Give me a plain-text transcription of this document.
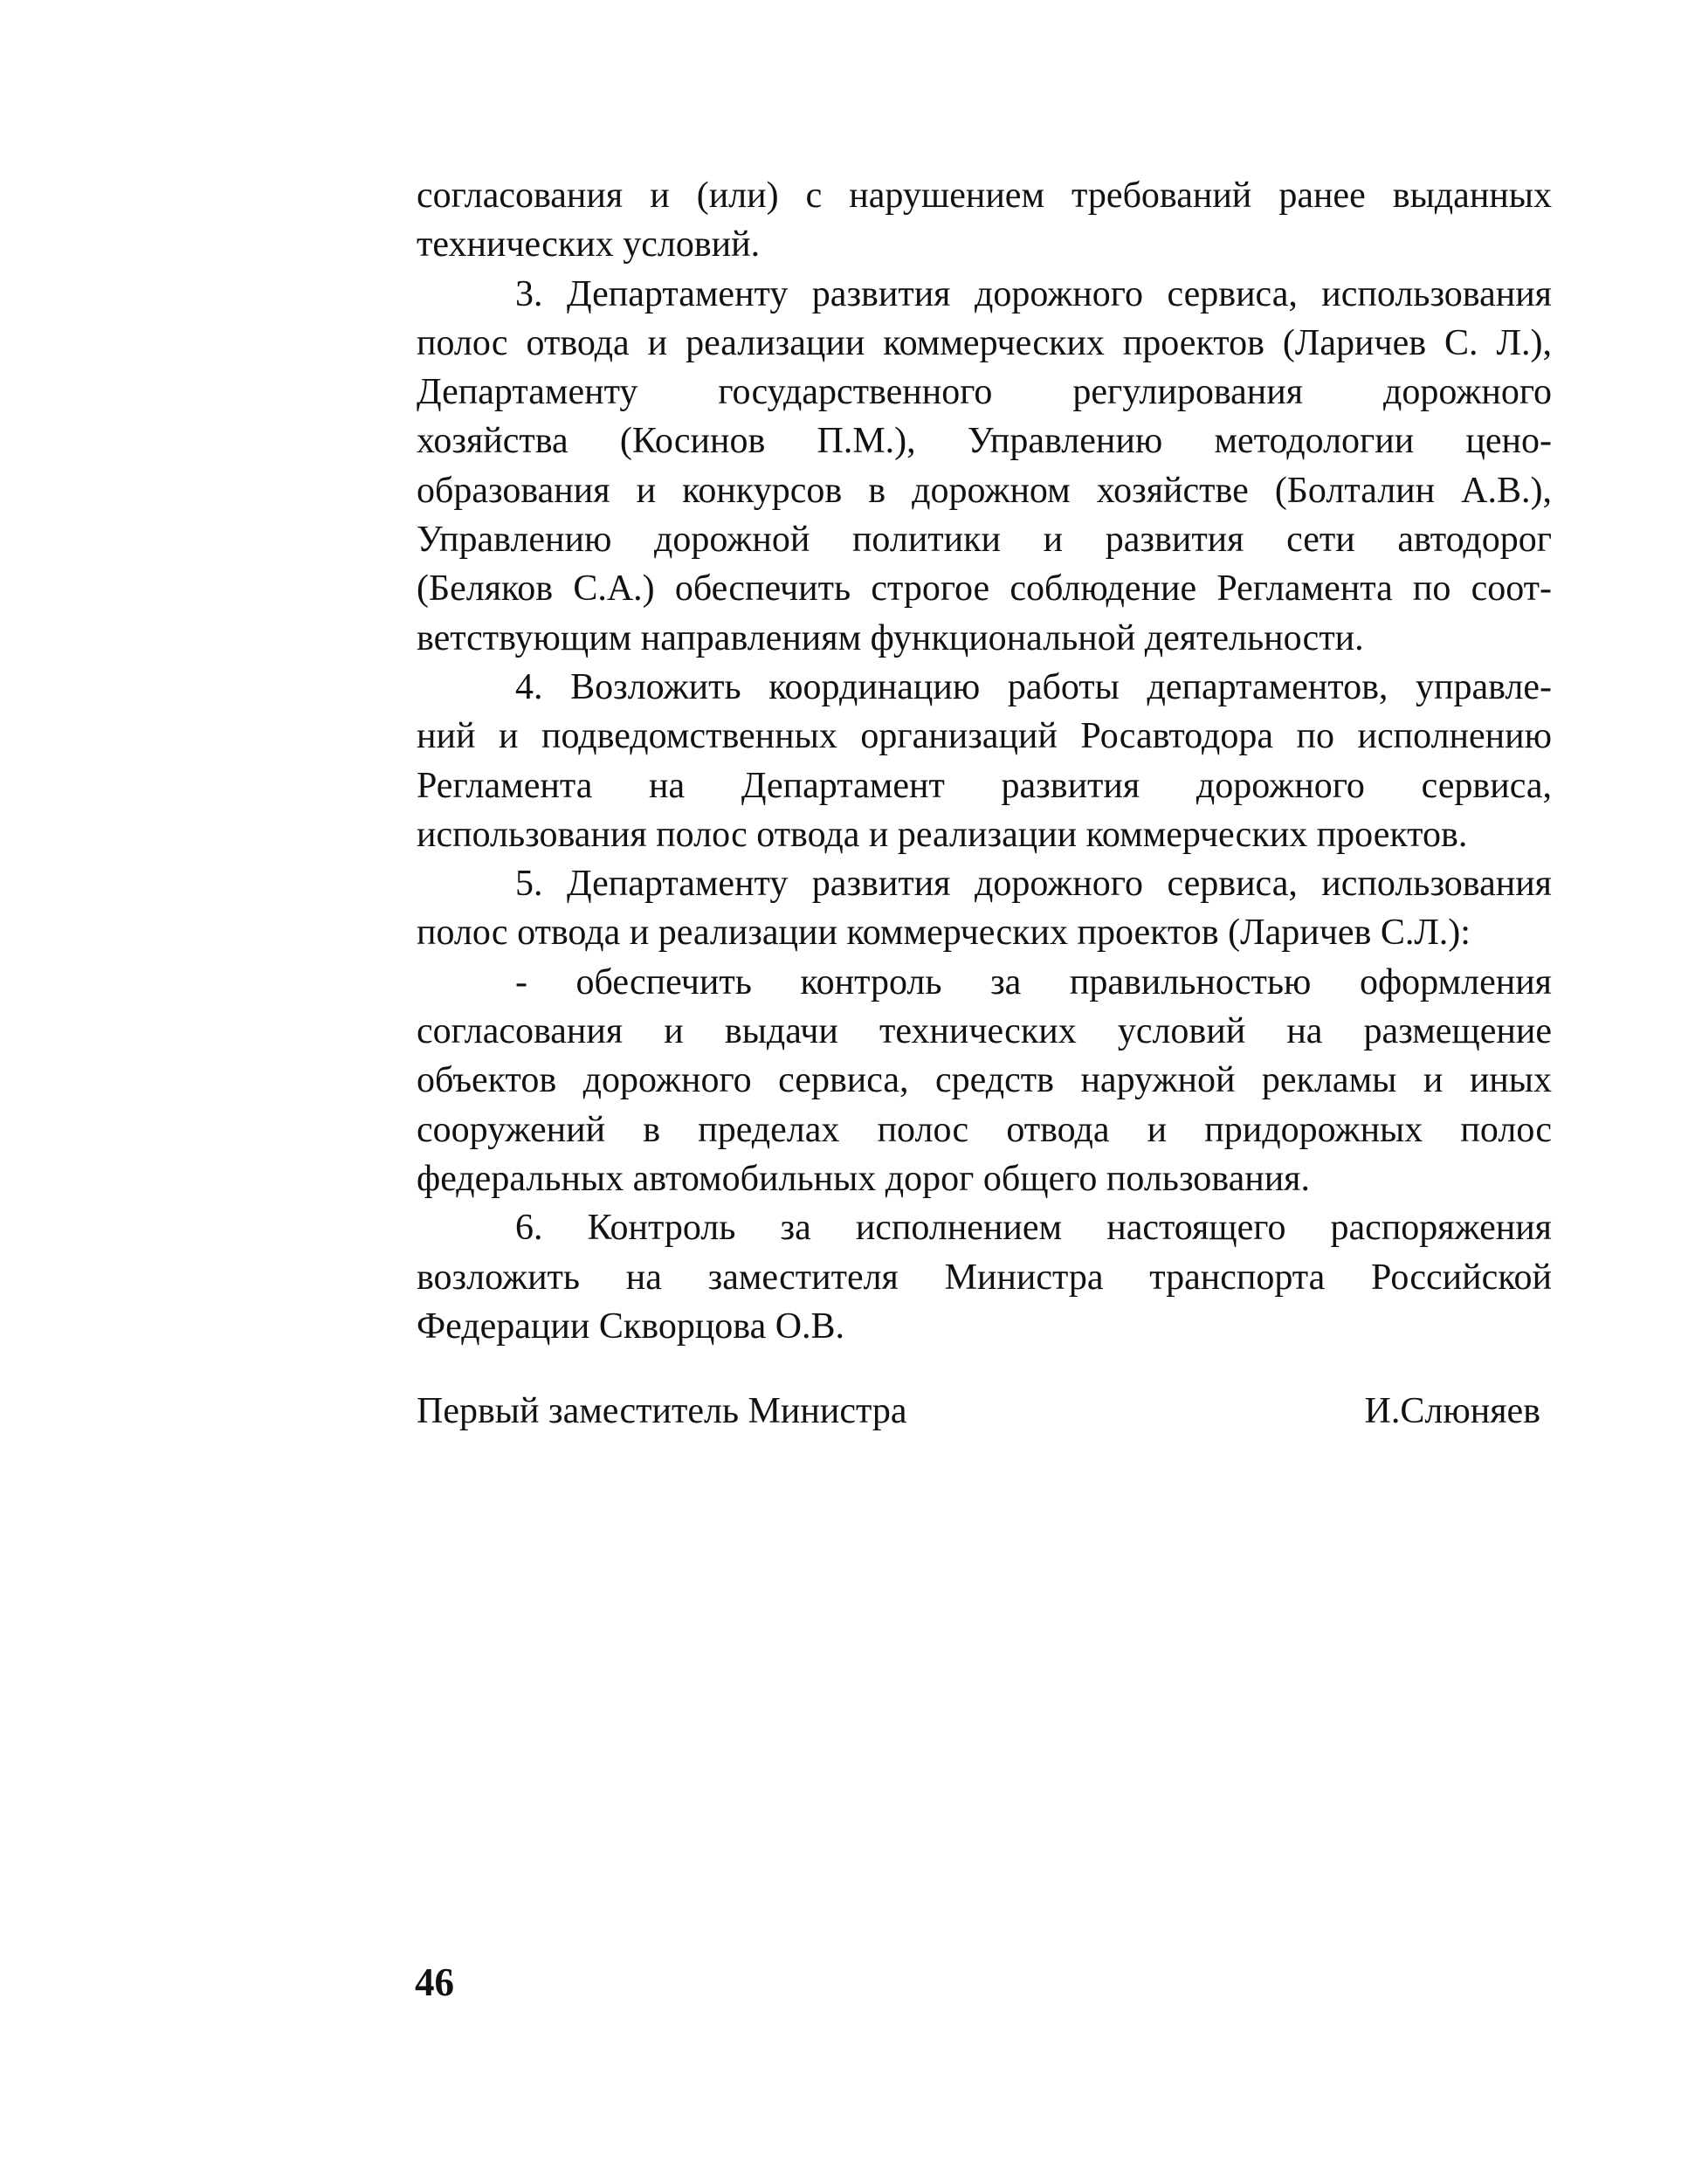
согласования и (или) с нарушением требований ранее выданных
технических условий.
3. Департаменту развития дорожного сервиса, использования
полос отвода и реализации коммерческих проектов (Ларичев С. Л.),
Департаменту государственного регулирования дорожного
хозяйства (Косинов П.М.), Управлению методологии цено-
образования и конкурсов в дорожном хозяйстве (Болталин А.В.),
Управлению дорожной политики и развития сети автодорог
(Беляков С.А.) обеспечить строгое соблюдение Регламента по соот-
ветствующим направлениям функциональной деятельности.
4. Возложить координацию работы департаментов, управле-
ний и подведомственных организаций Росавтодора по исполнению
Регламента на Департамент развития дорожного сервиса,
использования полос отвода и реализации коммерческих проектов.
5. Департаменту развития дорожного сервиса, использования
полос отвода и реализации коммерческих проектов (Ларичев С.Л.):
- обеспечить контроль за правильностью оформления
согласования и выдачи технических условий на размещение
объектов дорожного сервиса, средств наружной рекламы и иных
сооружений в пределах полос отвода и придорожных полос
федеральных автомобильных дорог общего пользования.
6. Контроль за исполнением настоящего распоряжения
возложить на заместителя Министра транспорта Российской
Федерации Скворцова О.В.
Первый заместитель Министра	И.Слюняев
46
